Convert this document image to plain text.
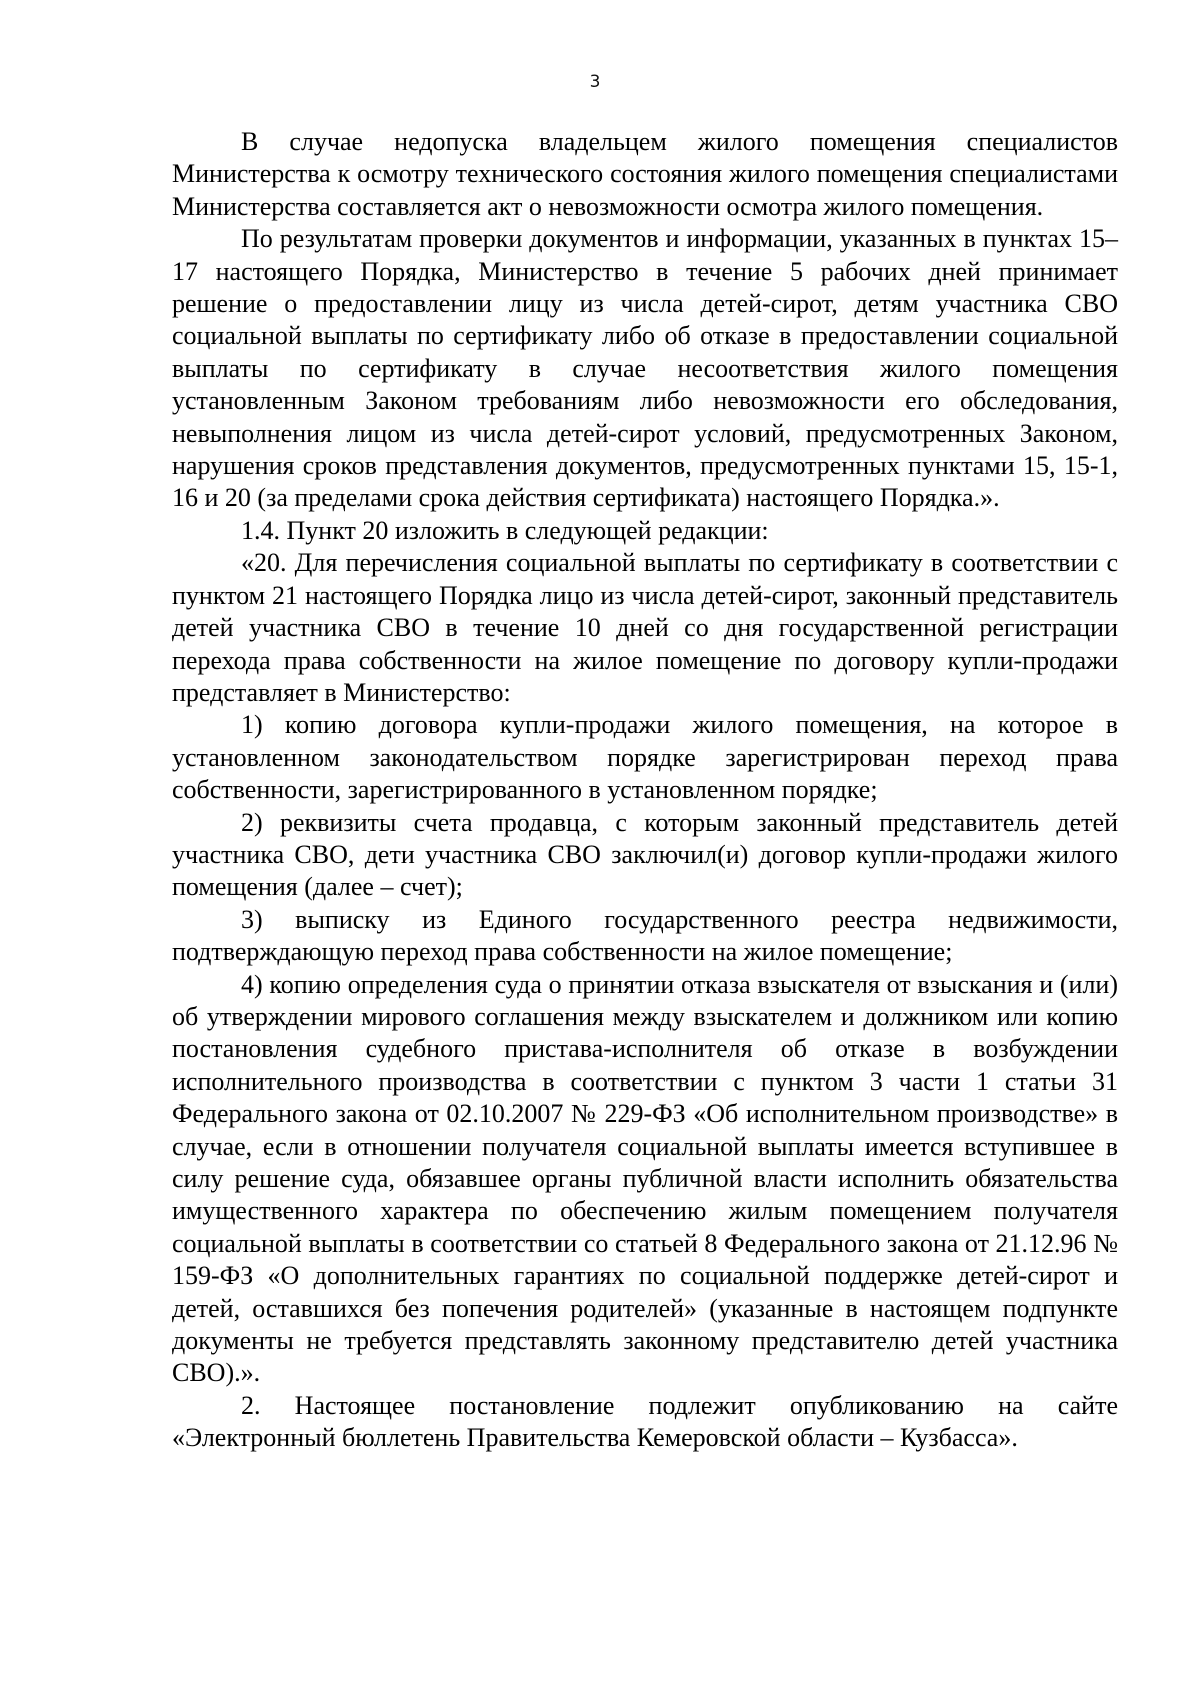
3

В случае недопуска владельцем жилого помещения специалистов Министерства к осмотру технического состояния жилого помещения специалистами Министерства составляется акт о невозможности осмотра жилого помещения.

По результатам проверки документов и информации, указанных в пунктах 15–17 настоящего Порядка, Министерство в течение 5 рабочих дней принимает решение о предоставлении лицу из числа детей-сирот, детям участника СВО социальной выплаты по сертификату либо об отказе в предоставлении социальной выплаты по сертификату в случае несоответствия жилого помещения установленным Законом требованиям либо невозможности его обследования, невыполнения лицом из числа детей-сирот условий, предусмотренных Законом, нарушения сроков представления документов, предусмотренных пунктами 15, 15-1, 16 и 20 (за пределами срока действия сертификата) настоящего Порядка.».

1.4. Пункт 20 изложить в следующей редакции:

«20. Для перечисления социальной выплаты по сертификату в соответствии с пунктом 21 настоящего Порядка лицо из числа детей-сирот, законный представитель детей участника СВО в течение 10 дней со дня государственной регистрации перехода права собственности на жилое помещение по договору купли-продажи представляет в Министерство:

1) копию договора купли-продажи жилого помещения, на которое в установленном законодательством порядке зарегистрирован переход права собственности, зарегистрированного в установленном порядке;

2) реквизиты счета продавца, с которым законный представитель детей участника СВО, дети участника СВО заключил(и) договор купли-продажи жилого помещения (далее – счет);

3) выписку из Единого государственного реестра недвижимости, подтверждающую переход права собственности на жилое помещение;

4) копию определения суда о принятии отказа взыскателя от взыскания и (или) об утверждении мирового соглашения между взыскателем и должником или копию постановления судебного пристава-исполнителя об отказе в возбуждении исполнительного производства в соответствии с пунктом 3 части 1 статьи 31 Федерального закона от 02.10.2007 № 229-ФЗ «Об исполнительном производстве» в случае, если в отношении получателя социальной выплаты имеется вступившее в силу решение суда, обязавшее органы публичной власти исполнить обязательства имущественного характера по обеспечению жилым помещением получателя социальной выплаты в соответствии со статьей 8 Федерального закона от 21.12.96 № 159-ФЗ «О дополнительных гарантиях по социальной поддержке детей-сирот и детей, оставшихся без попечения родителей» (указанные в настоящем подпункте документы не требуется представлять законному представителю детей участника СВО).».

2. Настоящее постановление подлежит опубликованию на сайте «Электронный бюллетень Правительства Кемеровской области – Кузбасса».
